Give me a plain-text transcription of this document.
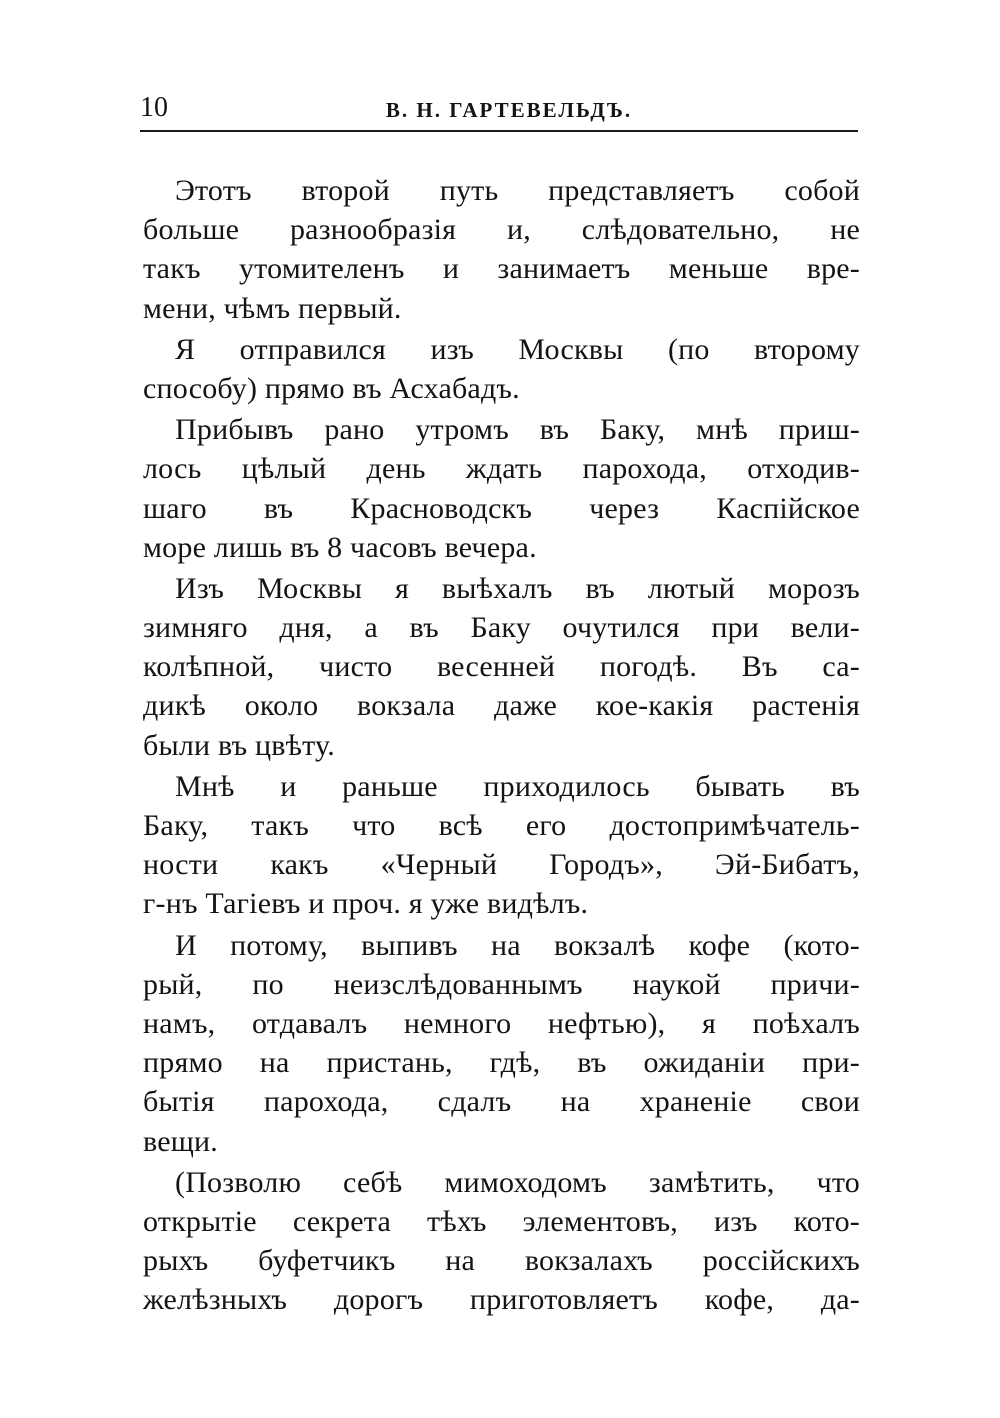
10	В. Н. ГАРТЕВЕЛЬДЪ.
Этотъ второй путь представляетъ собой
больше разнообразія и, слѣдовательно, не
такъ утомителенъ и занимаетъ меньше вре-
мени, чѣмъ первый.
Я отправился изъ Москвы (по второму
способу) прямо въ Асхабадъ.
Прибывъ рано утромъ въ Баку, мнѣ приш-
лось цѣлый день ждать парохода, отходив-
шаго въ Красноводскъ через Каспійское
море лишь въ 8 часовъ вечера.
Изъ Москвы я выѣхалъ въ лютый морозъ
зимняго дня, а въ Баку очутился при вели-
колѣпной, чисто весенней погодѣ. Въ са-
дикѣ около вокзала даже кое-какія растенія
были въ цвѣту.
Мнѣ и раньше приходилось бывать въ
Баку, такъ что всѣ его достопримѣчатель-
ности какъ «Черный Городъ», Эй-Бибатъ,
г-нъ Тагіевъ и проч. я уже видѣлъ.
И потому, выпивъ на вокзалѣ кофе (кото-
рый, по неизслѣдованнымъ наукой причи-
намъ, отдавалъ немного нефтью), я поѣхалъ
прямо на пристань, гдѣ, въ ожиданіи при-
бытія парохода, сдалъ на храненіе свои
вещи.
(Позволю себѣ мимоходомъ замѣтить, что
открытіе секрета тѣхъ элементовъ, изъ кото-
рыхъ буфетчикъ на вокзалахъ россійскихъ
желѣзныхъ дорогъ приготовляетъ кофе, да-
